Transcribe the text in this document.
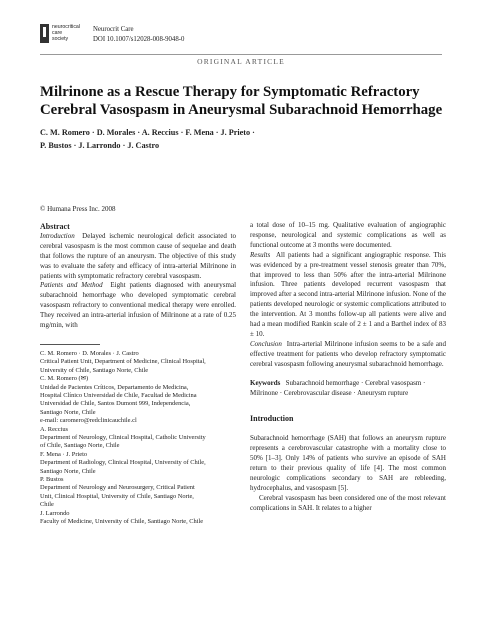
neurocritical
care
society
Neurocrit Care
DOI 10.1007/s12028-008-9048-0
ORIGINAL ARTICLE
Milrinone as a Rescue Therapy for Symptomatic Refractory Cerebral Vasospasm in Aneurysmal Subarachnoid Hemorrhage
C. M. Romero · D. Morales · A. Reccius · F. Mena · J. Prieto ·
P. Bustos · J. Larrondo · J. Castro
© Humana Press Inc. 2008

Abstract

Introduction Delayed ischemic neurological deficit associated to cerebral vasospasm is the most common cause of sequelae and death that follows the rupture of an aneurysm. The objective of this study was to evaluate the safety and efficacy of intra-arterial Milrinone in patients with symptomatic refractory cerebral vasospasm.

Patients and Method Eight patients diagnosed with aneurysmal subarachnoid hemorrhage who developed symptomatic cerebral vasospasm refractory to conventional medical therapy were enrolled. They received an intra-arterial infusion of Milrinone at a rate of 0.25 mg/min, with

C. M. Romero · D. Morales · J. Castro
Critical Patient Unit, Department of Medicine, Clinical Hospital,
University of Chile, Santiago Norte, Chile

C. M. Romero (✉)
Unidad de Pacientes Críticos, Departamento de Medicina,
Hospital Clínico Universidad de Chile, Facultad de Medicina
Universidad de Chile, Santos Dumont 999, Independencia,
Santiago Norte, Chile
e-mail: caromero@redclinicauchile.cl

A. Reccius
Department of Neurology, Clinical Hospital, Catholic University
of Chile, Santiago Norte, Chile

F. Mena · J. Prieto
Department of Radiology, Clinical Hospital, University of Chile,
Santiago Norte, Chile

P. Bustos
Department of Neurology and Neurosurgery, Critical Patient
Unit, Clinical Hospital, University of Chile, Santiago Norte,
Chile

J. Larrondo
Faculty of Medicine, University of Chile, Santiago Norte, Chile

a total dose of 10–15 mg. Qualitative evaluation of angiographic response, neurological and systemic complications as well as functional outcome at 3 months were documented.

Results All patients had a significant angiographic response. This was evidenced by a pre-treatment vessel stenosis greater than 70%, that improved to less than 50% after the intra-arterial Milrinone infusion. Three patients developed recurrent vasospasm that improved after a second intra-arterial Milrinone infusion. None of the patients developed neurologic or systemic complications attributed to the intervention. At 3 months follow-up all patients were alive and had a mean modified Rankin scale of 2 ± 1 and a Barthel index of 83 ± 10.

Conclusion Intra-arterial Milrinone infusion seems to be a safe and effective treatment for patients who develop refractory symptomatic cerebral vasospasm following aneurysmal subarachnoid hemorrhage.

Keywords Subarachnoid hemorrhage · Cerebral vasospasm · Milrinone · Cerebrovascular disease · Aneurysm rupture

Introduction

Subarachnoid hemorrhage (SAH) that follows an aneurysm rupture represents a cerebrovascular catastrophe with a mortality close to 50% [1–3]. Only 14% of patients who survive an episode of SAH return to their previous quality of life [4]. The most common neurologic complications secondary to SAH are rebleeding, hydrocephalus, and vasospasm [5].

Cerebral vasospasm has been considered one of the most relevant complications in SAH. It relates to a higher
